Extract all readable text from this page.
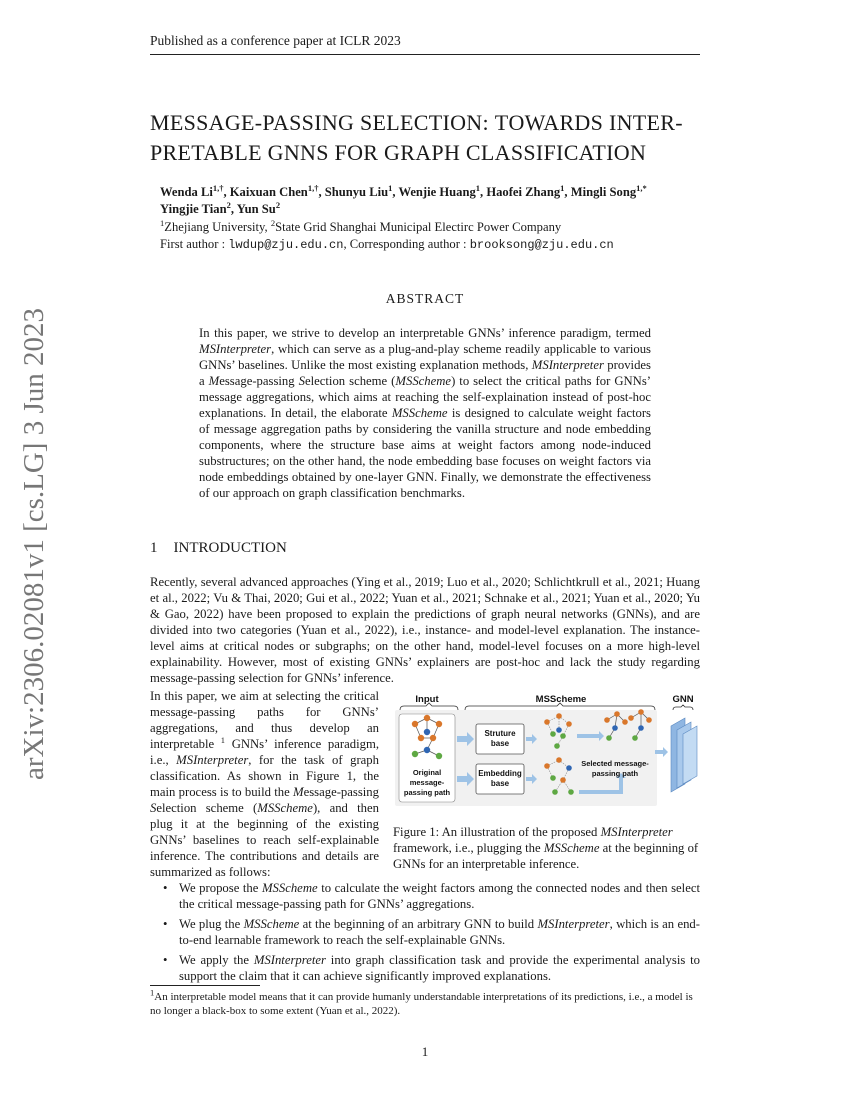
Published as a conference paper at ICLR 2023
arXiv:2306.02081v1 [cs.LG] 3 Jun 2023
MESSAGE-PASSING SELECTION: TOWARDS INTER-
PRETABLE GNNS FOR GRAPH CLASSIFICATION
Wenda $Li^{1,\dagger}$, Kaixuan Chen$^{1,\dagger}$, Shunyu Liu$^1$, Wenjie Huang$^1$, Haofei Zhang$^1$, Mingli Song$^{1,*}$
Yingjie Tian$^2$, Yun Su$^2$
$^1$Zhejiang University, $^2$State Grid Shanghai Municipal Electirc Power Company
First author : lwdup@zju.edu.cn, Corresponding author : brooksong@zju.edu.cn
ABSTRACT
In this paper, we strive to develop an interpretable GNNs’ inference paradigm, termed MSInterpreter, which can serve as a plug-and-play scheme readily applicable to various GNNs’ baselines. Unlike the most existing explanation methods, MSInterpreter provides a Message-passing Selection scheme (MSScheme) to select the critical paths for GNNs’ message aggregations, which aims at reaching the self-explaination instead of post-hoc explanations. In detail, the elaborate MSScheme is designed to calculate weight factors of message aggregation paths by considering the vanilla structure and node embedding components, where the structure base aims at weight factors among node-induced substructures; on the other hand, the node embedding base focuses on weight factors via node embeddings obtained by one-layer GNN. Finally, we demonstrate the effectiveness of our approach on graph classification benchmarks.
1 INTRODUCTION
Recently, several advanced approaches (Ying et al., 2019; Luo et al., 2020; Schlichtkrull et al., 2021; Huang et al., 2022; Vu & Thai, 2020; Gui et al., 2022; Yuan et al., 2021; Schnake et al., 2021; Yuan et al., 2020; Yu & Gao, 2022) have been proposed to explain the predictions of graph neural networks (GNNs), and are divided into two categories (Yuan et al., 2022), i.e., instance- and model-level explanation. The instance-level aims at critical nodes or subgraphs; on the other hand, model-level focuses on a more high-level explainability. However, most of existing GNNs’ explainers are post-hoc and lack the study regarding message-passing selection for GNNs’ inference.
In this paper, we aim at selecting the critical message-passing paths for GNNs’ aggregations, and thus develop an interpretable $^1$ GNNs’ inference paradigm, i.e., MSInterpreter, for the task of graph classification. As shown in Figure 1, the main process is to build the Message-passing Selection scheme (MSScheme), and then plug it at the beginning of the existing GNNs’ baselines to reach self-explainable inference. The contributions and details are summarized as follows:
Input	MSScheme	GNN
Original
message-
passing path
Struture
base
Embedding
base
Selected message-
passing path
Figure 1: An illustration of the proposed MSInterpreter framework, i.e., plugging the MSScheme at the beginning of GNNs for an interpretable inference.
• We propose the MSScheme to calculate the weight factors among the connected nodes and then select the critical message-passing path for GNNs’ aggregations.
• We plug the MSScheme at the beginning of an arbitrary GNN to build MSInterpreter, which is an end-to-end learnable framework to reach the self-explainable GNNs.
• We apply the MSInterpreter into graph classification task and provide the experimental analysis to support the claim that it can achieve significantly improved explanations.
$^1$An interpretable model means that it can provide humanly understandable interpretations of its predictions, i.e., a model is no longer a black-box to some extent (Yuan et al., 2022).
1
